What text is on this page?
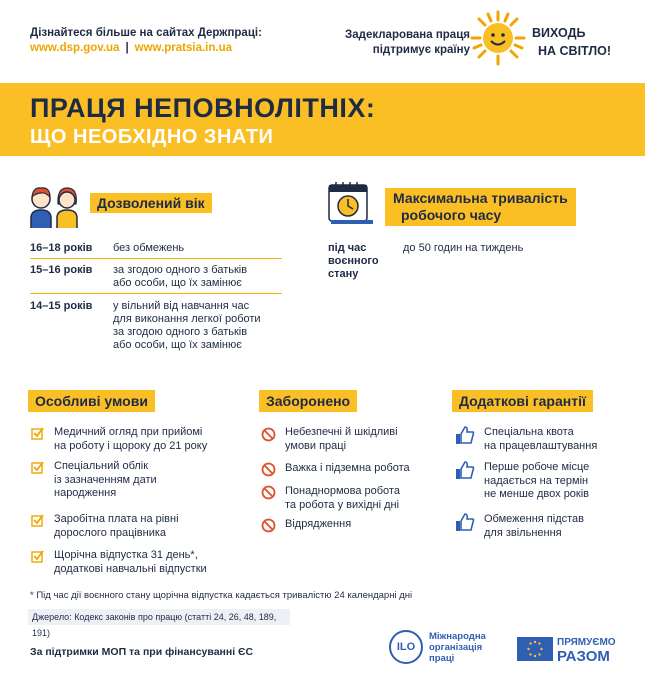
Дізнайтеся більше на сайтах Держпраці:
www.dsp.gov.ua | www.pratsia.in.ua
Задекларована праця
підтримує країну
ВИХОДЬ
НА СВІТЛО!
ПРАЦЯ НЕПОВНОЛІТНІХ:
ЩО НЕОБХІДНО ЗНАТИ
Дозволений вік
16–18 років без обмежень
15–16 років за згодою одного з батьків
або особи, що їх замінює
14–15 років у вільний від навчання час
для виконання легкої роботи
за згодою одного з батьків
або особи, що їх замінює
Максимальна тривалість
робочого часу
під час
воєнного
стану
до 50 годин на тиждень
Особливі умови
Медичний огляд при прийомі
на роботу і щороку до 21 року
Спеціальний облік
із зазначенням дати
народження
Заробітна плата на рівні
дорослого працівника
Щорічна відпустка 31 день*,
додаткові навчальні відпустки
Заборонено
Небезпечні й шкідливі
умови праці
Важка і підземна робота
Понаднормова робота
та робота у вихідні дні
Відрядження
Додаткові гарантії
Спеціальна квота
на працевлаштування
Перше робоче місце
надається на термін
не менше двох років
Обмеження підстав
для звільнення
* Під час дії воєнного стану щорічна відпустка кадається тривалістю 24 календарні дні
Джерело: Кодекс законів про працю (статті 24, 26, 48, 189, 191)
За підтримки МОП та при фінансуванні ЄС	ILO
Міжнародна
організація
праці
ПРЯМУЄМО
РАЗОМ
